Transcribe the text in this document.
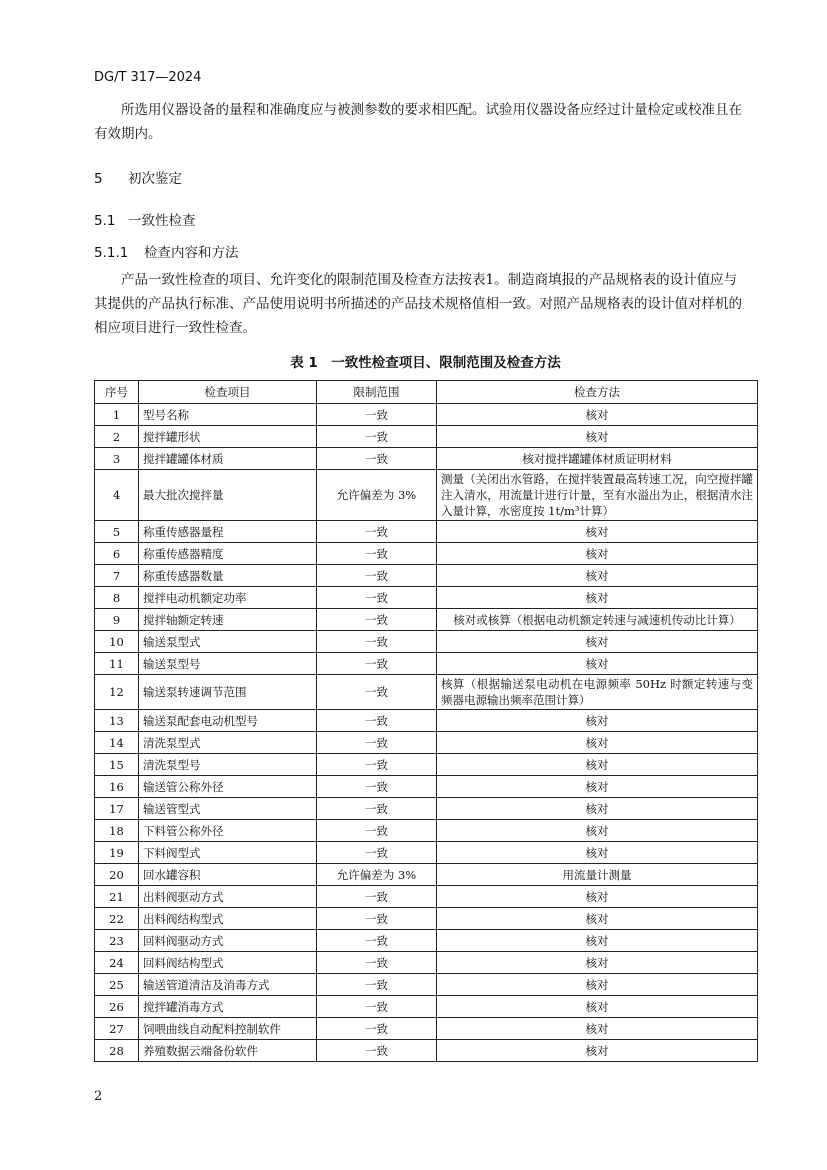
DG/T 317—2024

所选用仪器设备的量程和准确度应与被测参数的要求相匹配。试验用仪器设备应经过计量检定或校准且在有效期内。

5 初次鉴定
5.1 一致性检查
5.1.1 检查内容和方法

产品一致性检查的项目、允许变化的限制范围及检查方法按表1。制造商填报的产品规格表的设计值应与其提供的产品执行标准、产品使用说明书所描述的产品技术规格值相一致。对照产品规格表的设计值对样机的相应项目进行一致性检查。

表 1　一致性检查项目、限制范围及检查方法
序号	检查项目	限制范围	检查方法
1	型号名称	一致	核对
2	搅拌罐形状	一致	核对
3	搅拌罐罐体材质	一致	核对搅拌罐罐体材质证明材料
4	最大批次搅拌量	允许偏差为 3%	测量（关闭出水管路，在搅拌装置最高转速工况，向空搅拌罐注入清水，用流量计进行计量，至有水溢出为止，根据清水注入量计算，水密度按 1t/m³计算）
5	称重传感器量程	一致	核对
6	称重传感器精度	一致	核对
7	称重传感器数量	一致	核对
8	搅拌电动机额定功率	一致	核对
9	搅拌轴额定转速	一致	核对或核算（根据电动机额定转速与减速机传动比计算）
10	输送泵型式	一致	核对
11	输送泵型号	一致	核对
12	输送泵转速调节范围	一致	核算（根据输送泵电动机在电源频率 50Hz 时额定转速与变频器电源输出频率范围计算）
13	输送泵配套电动机型号	一致	核对
14	清洗泵型式	一致	核对
15	清洗泵型号	一致	核对
16	输送管公称外径	一致	核对
17	输送管型式	一致	核对
18	下料管公称外径	一致	核对
19	下料阀型式	一致	核对
20	回水罐容积	允许偏差为 3%	用流量计测量
21	出料阀驱动方式	一致	核对
22	出料阀结构型式	一致	核对
23	回料阀驱动方式	一致	核对
24	回料阀结构型式	一致	核对
25	输送管道清洁及消毒方式	一致	核对
26	搅拌罐消毒方式	一致	核对
27	饲喂曲线自动配料控制软件	一致	核对
28	养殖数据云端备份软件	一致	核对
2
